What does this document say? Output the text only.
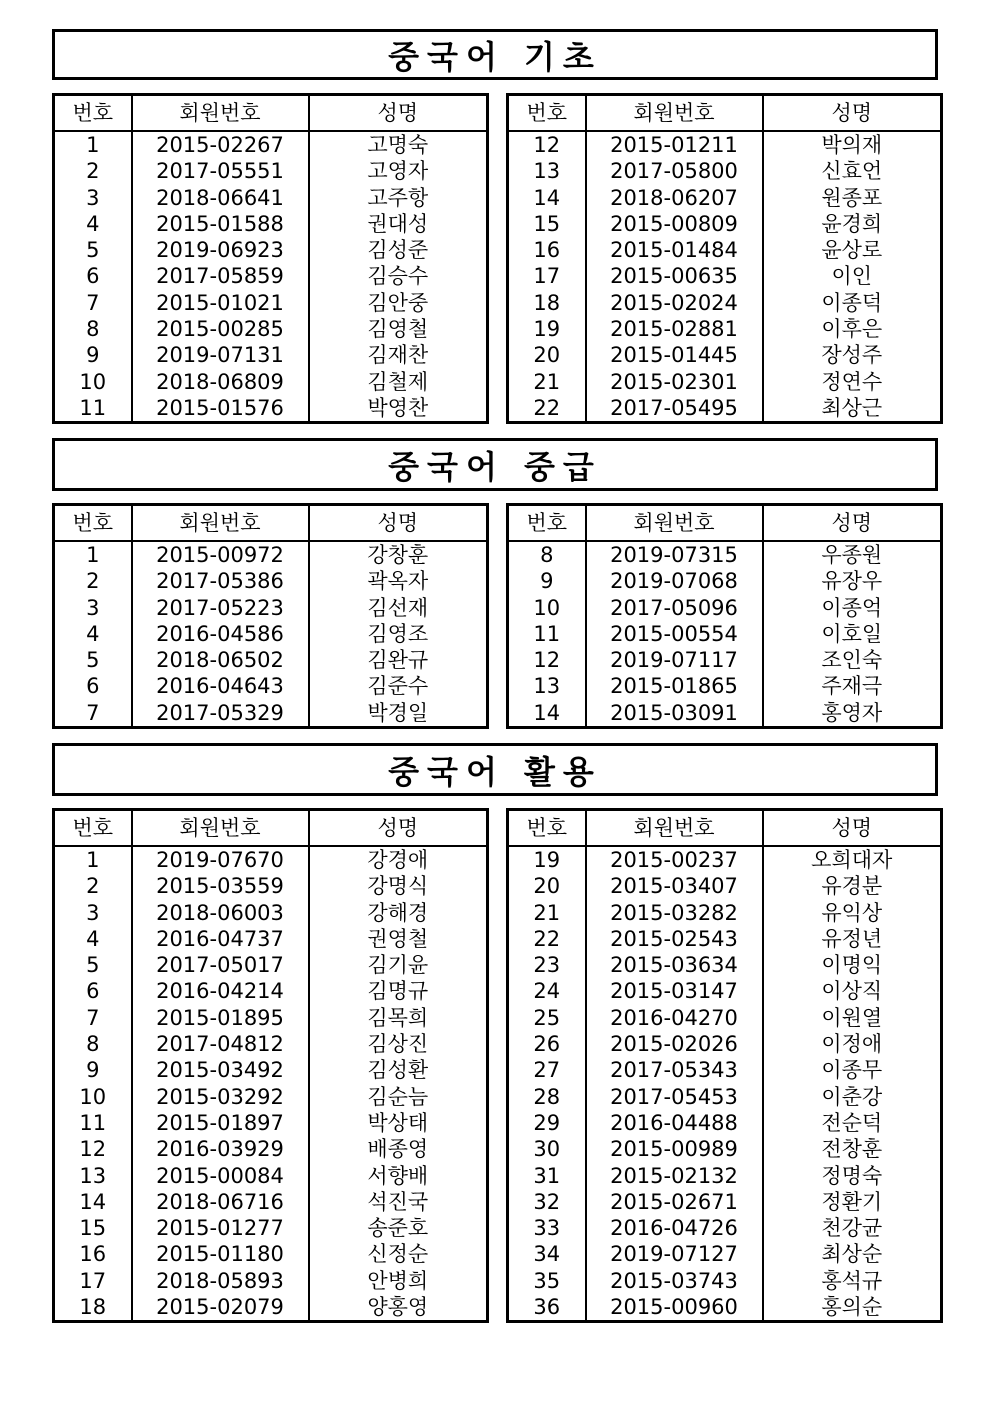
중국어 기초
번호	회원번호	성명
1	2015-02267	고명숙
2	2017-05551	고영자
3	2018-06641	고주항
4	2015-01588	권대성
5	2019-06923	김성준
6	2017-05859	김승수
7	2015-01021	김안중
8	2015-00285	김영철
9	2019-07131	김재찬
10	2018-06809	김철제
11	2015-01576	박영찬
번호	회원번호	성명
12	2015-01211	박의재
13	2017-05800	신효언
14	2018-06207	원종포
15	2015-00809	윤경희
16	2015-01484	윤상로
17	2015-00635	이인
18	2015-02024	이종덕
19	2015-02881	이후은
20	2015-01445	장성주
21	2015-02301	정연수
22	2017-05495	최상근
중국어 중급
번호	회원번호	성명
1	2015-00972	강창훈
2	2017-05386	곽옥자
3	2017-05223	김선재
4	2016-04586	김영조
5	2018-06502	김완규
6	2016-04643	김준수
7	2017-05329	박경일
번호	회원번호	성명
8	2019-07315	우종원
9	2019-07068	유장우
10	2017-05096	이종억
11	2015-00554	이호일
12	2019-07117	조인숙
13	2015-01865	주재극
14	2015-03091	홍영자
중국어 활용
번호	회원번호	성명
1	2019-07670	강경애
2	2015-03559	강명식
3	2018-06003	강해경
4	2016-04737	권영철
5	2017-05017	김기윤
6	2016-04214	김명규
7	2015-01895	김목희
8	2017-04812	김상진
9	2015-03492	김성환
10	2015-03292	김순늠
11	2015-01897	박상태
12	2016-03929	배종영
13	2015-00084	서향배
14	2018-06716	석진국
15	2015-01277	송준호
16	2015-01180	신정순
17	2018-05893	안병희
18	2015-02079	양홍영
번호	회원번호	성명
19	2015-00237	오희대자
20	2015-03407	유경분
21	2015-03282	유익상
22	2015-02543	유정년
23	2015-03634	이명익
24	2015-03147	이상직
25	2016-04270	이원열
26	2015-02026	이정애
27	2017-05343	이종무
28	2017-05453	이춘강
29	2016-04488	전순덕
30	2015-00989	전창훈
31	2015-02132	정명숙
32	2015-02671	정환기
33	2016-04726	천강균
34	2019-07127	최상순
35	2015-03743	홍석규
36	2015-00960	홍의순
